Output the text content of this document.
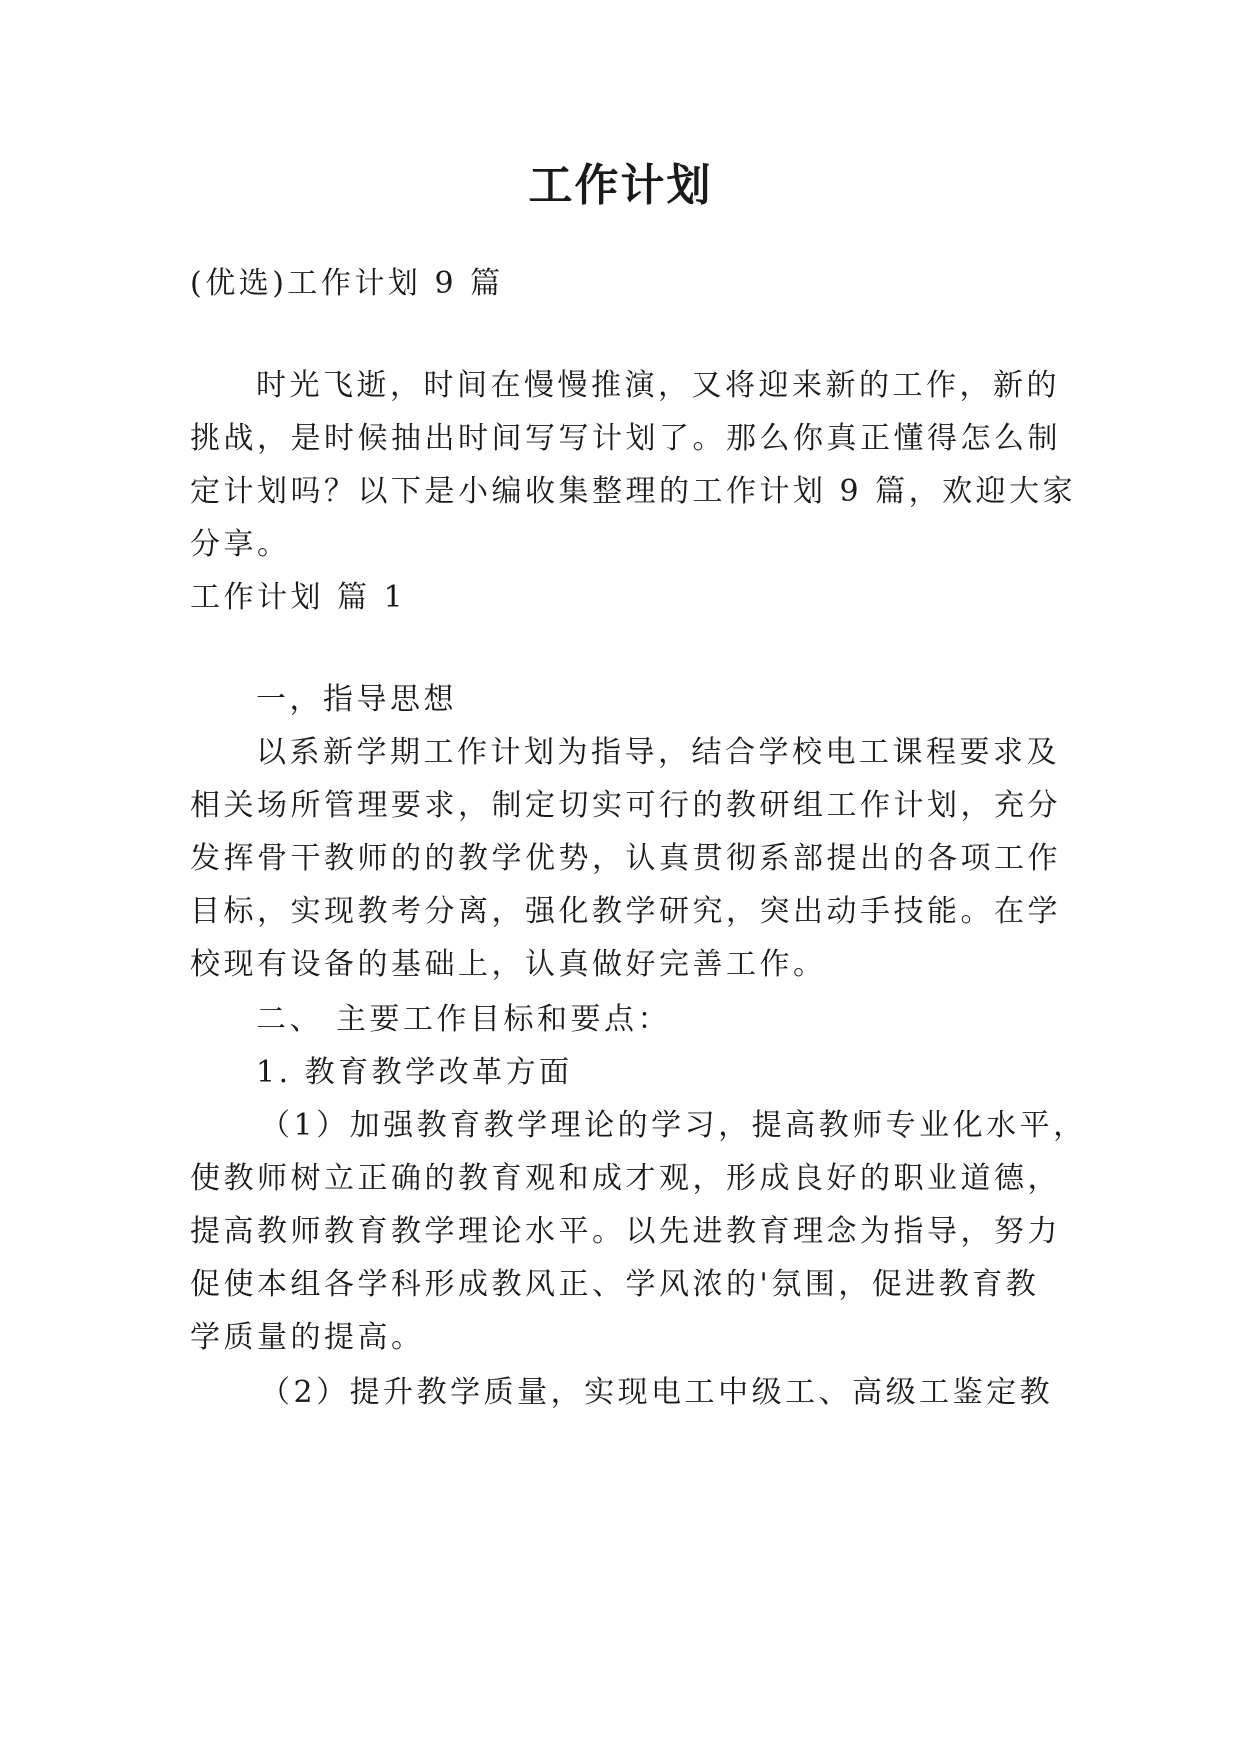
工作计划
(优选)工作计划 9 篇
时光飞逝，时间在慢慢推演，又将迎来新的工作，新的
挑战，是时候抽出时间写写计划了。那么你真正懂得怎么制
定计划吗？以下是小编收集整理的工作计划 9 篇，欢迎大家
分享。
工作计划 篇 1
一，指导思想
以系新学期工作计划为指导，结合学校电工课程要求及
相关场所管理要求，制定切实可行的教研组工作计划，充分
发挥骨干教师的的教学优势，认真贯彻系部提出的各项工作
目标，实现教考分离，强化教学研究，突出动手技能。在学
校现有设备的基础上，认真做好完善工作。
二、 主要工作目标和要点：
1. 教育教学改革方面
（1）加强教育教学理论的学习，提高教师专业化水平，
使教师树立正确的教育观和成才观，形成良好的职业道德，
提高教师教育教学理论水平。以先进教育理念为指导，努力
促使本组各学科形成教风正、学风浓的'氛围，促进教育教
学质量的提高。
（2）提升教学质量，实现电工中级工、高级工鉴定教
